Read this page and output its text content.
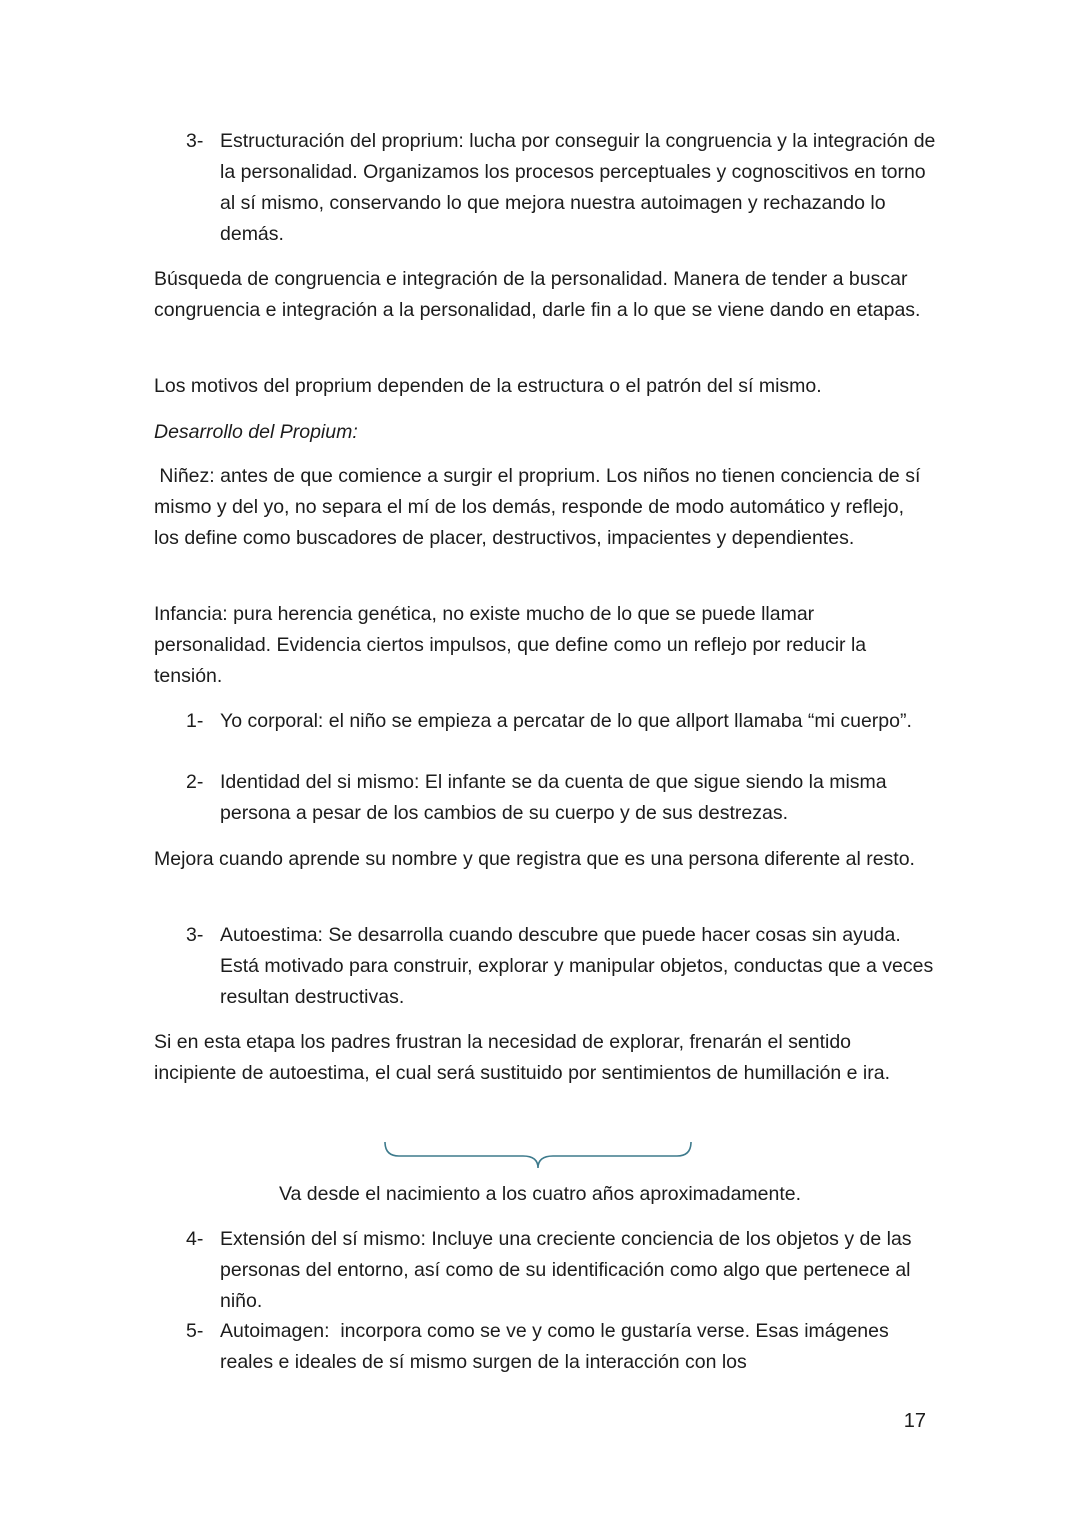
3- Estructuración del proprium: lucha por conseguir la congruencia y la integración de la personalidad. Organizamos los procesos perceptuales y cognoscitivos en torno al sí mismo, conservando lo que mejora nuestra autoimagen y rechazando lo demás.

Búsqueda de congruencia e integración de la personalidad. Manera de tender a buscar congruencia e integración a la personalidad, darle fin a lo que se viene dando en etapas.

Los motivos del proprium dependen de la estructura o el patrón del sí mismo.

Desarrollo del Propium:

Niñez: antes de que comience a surgir el proprium. Los niños no tienen conciencia de sí mismo y del yo, no separa el mí de los demás, responde de modo automático y reflejo, los define como buscadores de placer, destructivos, impacientes y dependientes.

Infancia: pura herencia genética, no existe mucho de lo que se puede llamar personalidad. Evidencia ciertos impulsos, que define como un reflejo por reducir la tensión.

1- Yo corporal: el niño se empieza a percatar de lo que allport llamaba “mi cuerpo”.
2- Identidad del si mismo: El infante se da cuenta de que sigue siendo la misma persona a pesar de los cambios de su cuerpo y de sus destrezas.

Mejora cuando aprende su nombre y que registra que es una persona diferente al resto.

3- Autoestima: Se desarrolla cuando descubre que puede hacer cosas sin ayuda. Está motivado para construir, explorar y manipular objetos, conductas que a veces resultan destructivas.

Si en esta etapa los padres frustran la necesidad de explorar, frenarán el sentido incipiente de autoestima, el cual será sustituido por sentimientos de humillación e ira.

Va desde el nacimiento a los cuatro años aproximadamente.

4- Extensión del sí mismo: Incluye una creciente conciencia de los objetos y de las personas del entorno, así como de su identificación como algo que pertenece al niño.
5- Autoimagen:  incorpora como se ve y como le gustaría verse. Esas imágenes reales e ideales de sí mismo surgen de la interacción con los
17
